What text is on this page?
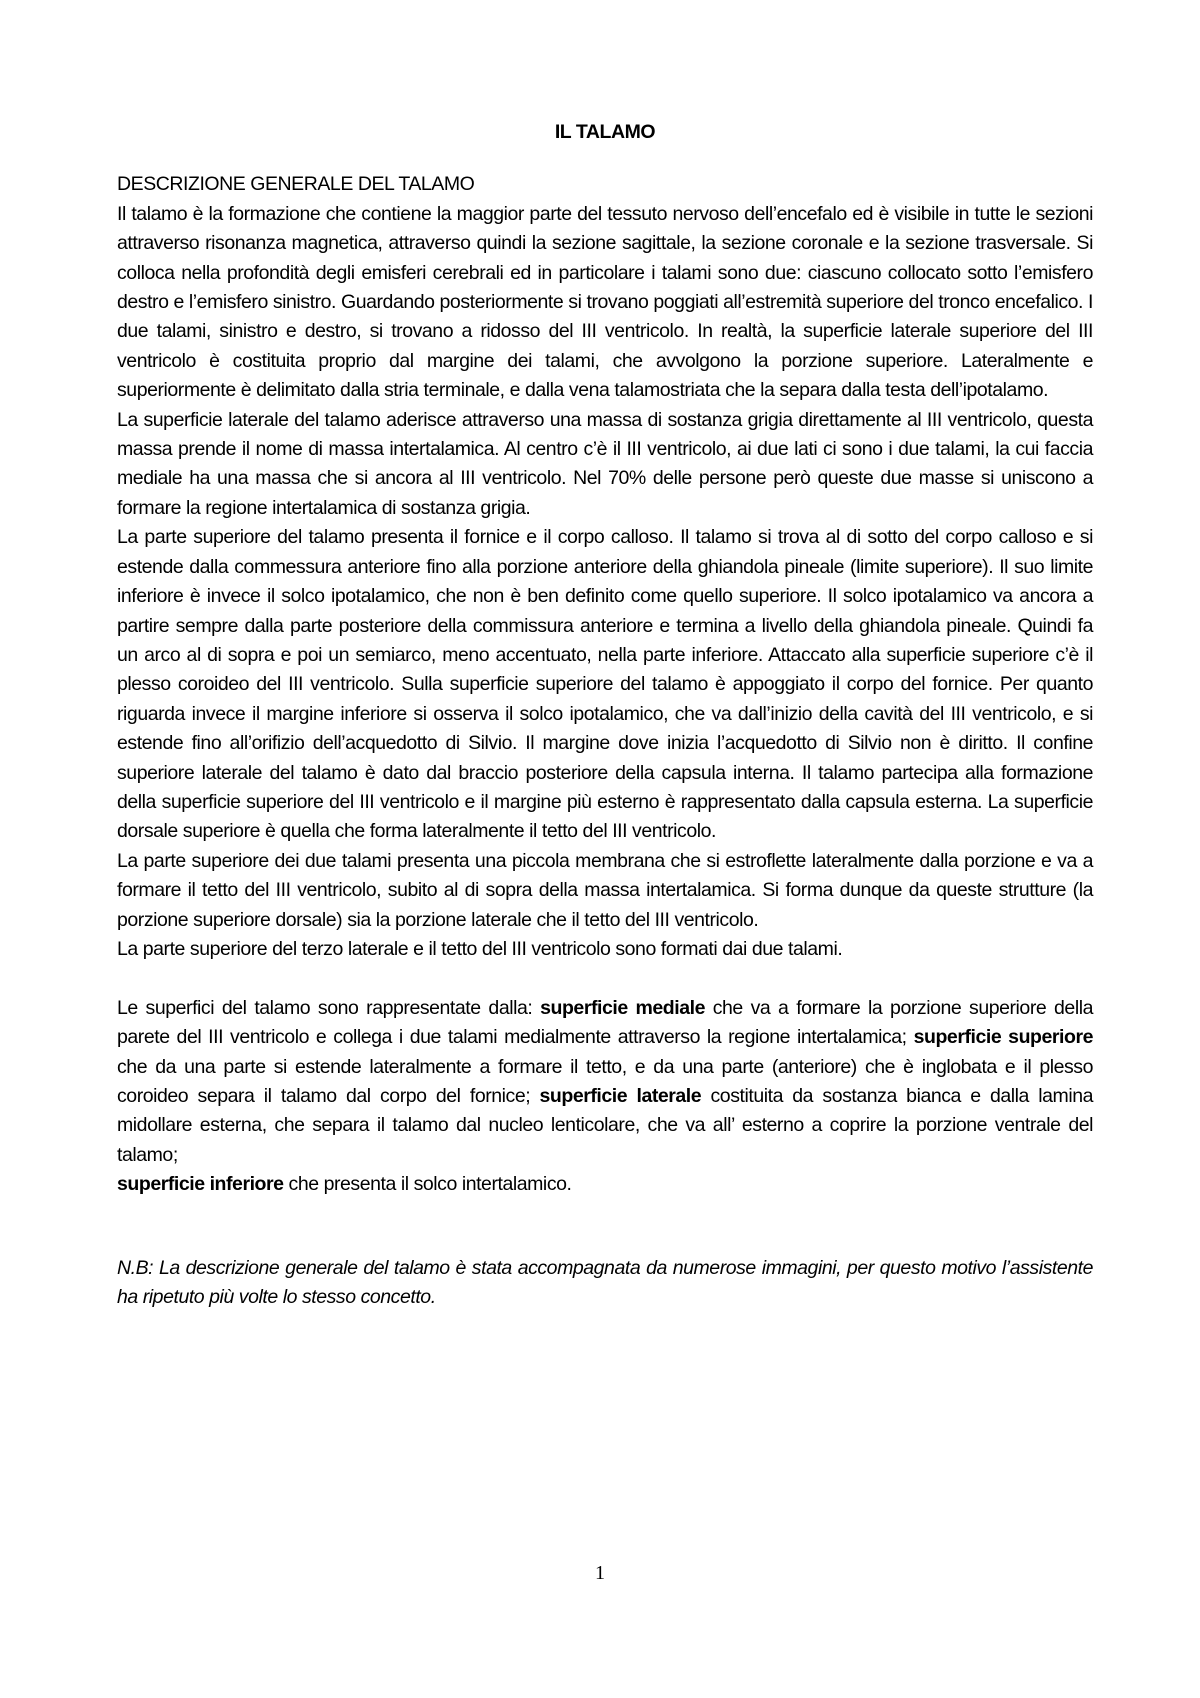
IL TALAMO
DESCRIZIONE GENERALE DEL TALAMO

Il talamo è la formazione che contiene la maggior parte del tessuto nervoso dell’encefalo ed è visibile in tutte le sezioni attraverso risonanza magnetica, attraverso quindi la sezione sagittale, la sezione coronale e la sezione trasversale. Si colloca nella profondità degli emisferi cerebrali ed in particolare i talami sono due: ciascuno collocato sotto l’emisfero destro e l’emisfero sinistro. Guardando posteriormente si trovano poggiati all’estremità superiore del tronco encefalico. I due talami, sinistro e destro, si trovano a ridosso del III ventricolo. In realtà, la superficie laterale superiore del III ventricolo è costituita proprio dal margine dei talami, che avvolgono la porzione superiore. Lateralmente e superiormente è delimitato dalla stria terminale, e dalla vena talamostriata che la separa dalla testa dell’ipotalamo.

La superficie laterale del talamo aderisce attraverso una massa di sostanza grigia direttamente al III ventricolo, questa massa prende il nome di massa intertalamica. Al centro c’è il III ventricolo, ai due lati ci sono i due talami, la cui faccia mediale ha una massa che si ancora al III ventricolo. Nel 70% delle persone però queste due masse si uniscono a formare la regione intertalamica di sostanza grigia.

La parte superiore del talamo presenta il fornice e il corpo calloso. Il talamo si trova al di sotto del corpo calloso e si estende dalla commessura anteriore fino alla porzione anteriore della ghiandola pineale (limite superiore). Il suo limite inferiore è invece il solco ipotalamico, che non è ben definito come quello superiore. Il solco ipotalamico va ancora a partire sempre dalla parte posteriore della commissura anteriore e termina a livello della ghiandola pineale. Quindi fa un arco al di sopra e poi un semiarco, meno accentuato, nella parte inferiore. Attaccato alla superficie superiore c’è il plesso coroideo del III ventricolo. Sulla superficie superiore del talamo è appoggiato il corpo del fornice. Per quanto riguarda invece il margine inferiore si osserva il solco ipotalamico, che va dall’inizio della cavità del III ventricolo, e si estende fino all’orifizio dell’acquedotto di Silvio. Il margine dove inizia l’acquedotto di Silvio non è diritto. Il confine superiore laterale del talamo è dato dal braccio posteriore della capsula interna. Il talamo partecipa alla formazione della superficie superiore del III ventricolo e il margine più esterno è rappresentato dalla capsula esterna. La superficie dorsale superiore è quella che forma lateralmente il tetto del III ventricolo.

La parte superiore dei due talami presenta una piccola membrana che si estroflette lateralmente dalla porzione e va a formare il tetto del III ventricolo, subito al di sopra della massa intertalamica. Si forma dunque da queste strutture (la porzione superiore dorsale) sia la porzione laterale che il tetto del III ventricolo.

La parte superiore del terzo laterale e il tetto del III ventricolo sono formati dai due talami.

Le superfici del talamo sono rappresentate dalla: superficie mediale che va a formare la porzione superiore della parete del III ventricolo e collega i due talami medialmente attraverso la regione intertalamica; superficie superiore che da una parte si estende lateralmente a formare il tetto, e da una parte (anteriore) che è inglobata e il plesso coroideo separa il talamo dal corpo del fornice; superficie laterale costituita da sostanza bianca e dalla lamina midollare esterna, che separa il talamo dal nucleo lenticolare, che va all’ esterno a coprire la porzione ventrale del talamo;
superficie inferiore che presenta il solco intertalamico.

N.B: La descrizione generale del talamo è stata accompagnata da numerose immagini, per questo motivo l’assistente ha ripetuto più volte lo stesso concetto.

1
